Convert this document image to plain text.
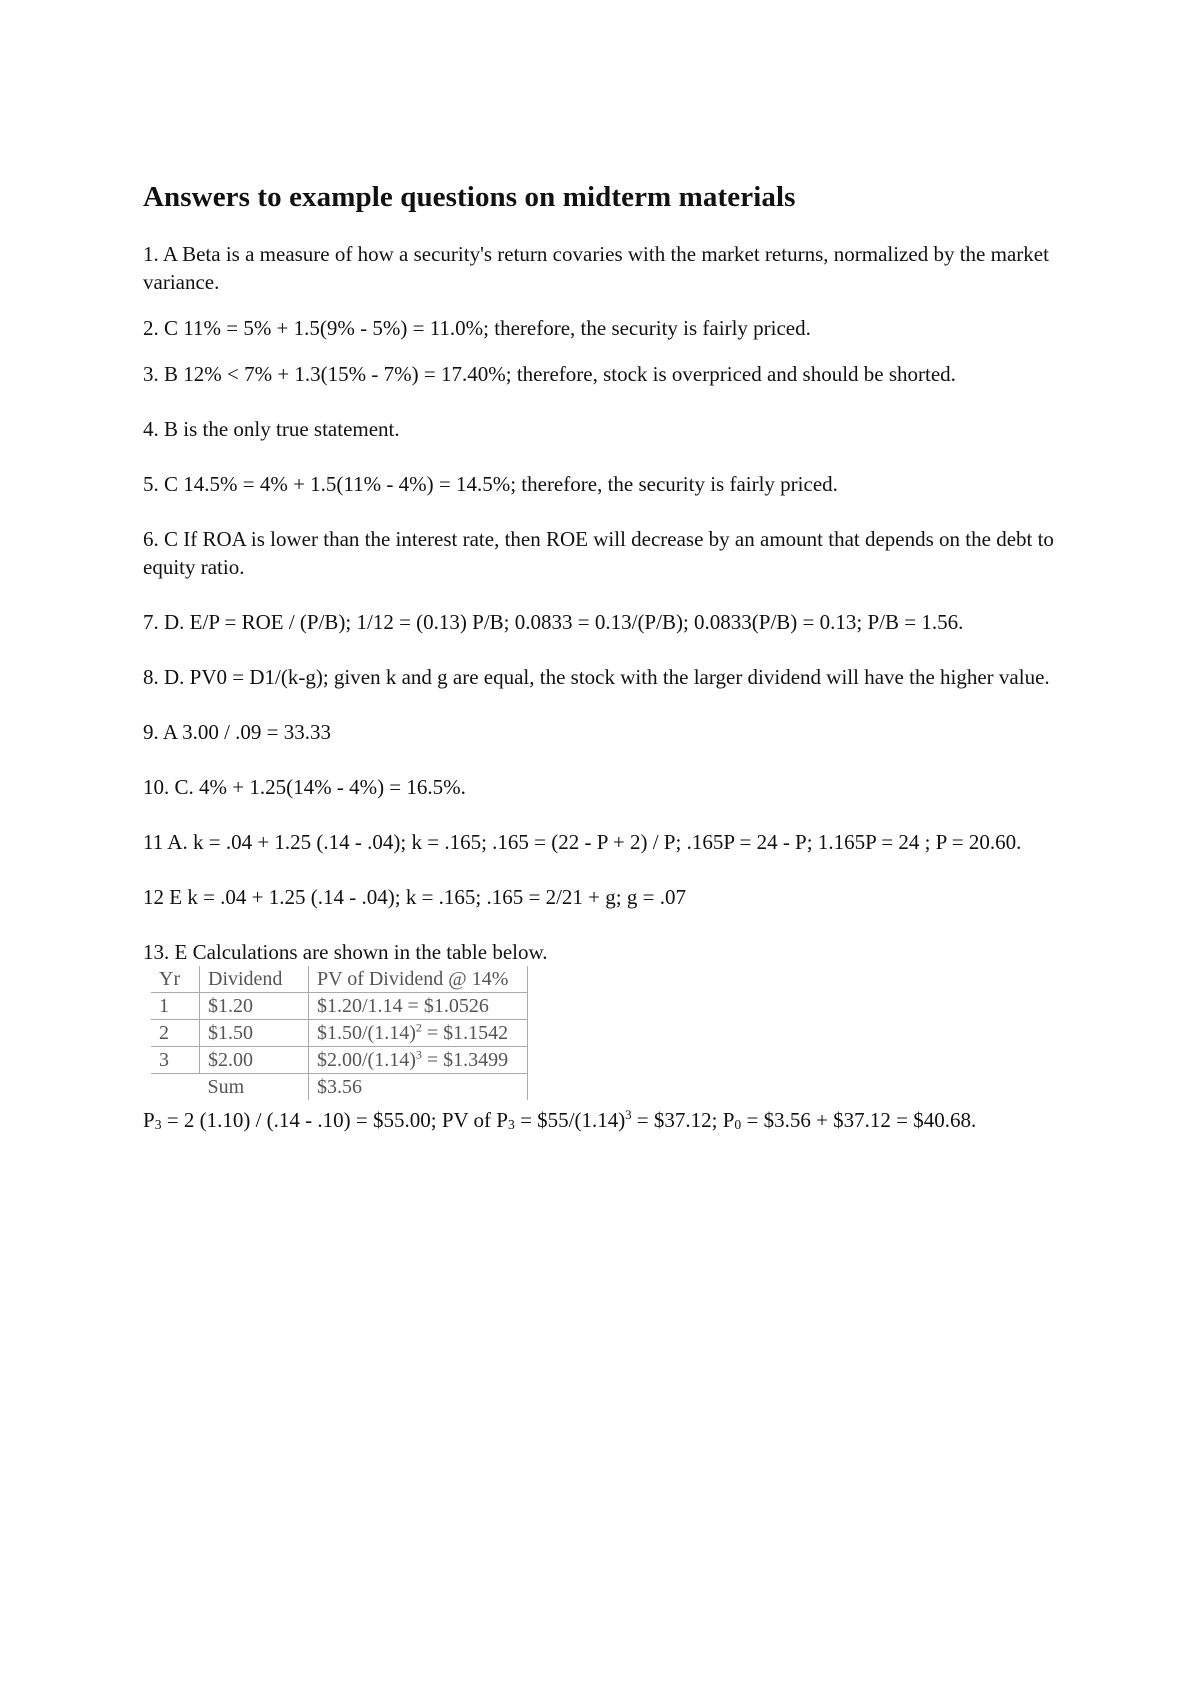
Answers to example questions on midterm materials

1. A Beta is a measure of how a security's return covaries with the market returns, normalized by the market variance.

2. C 11% = 5% + 1.5(9% - 5%) = 11.0%; therefore, the security is fairly priced.

3. B 12% < 7% + 1.3(15% - 7%) = 17.40%; therefore, stock is overpriced and should be shorted.

4. B is the only true statement.

5. C 14.5% = 4% + 1.5(11% - 4%) = 14.5%; therefore, the security is fairly priced.

6. C If ROA is lower than the interest rate, then ROE will decrease by an amount that depends on the debt to equity ratio.

7. D. E/P = ROE / (P/B); 1/12 = (0.13) P/B; 0.0833 = 0.13/(P/B); 0.0833(P/B) = 0.13; P/B = 1.56.

8. D. PV0 = D1/(k-g); given k and g are equal, the stock with the larger dividend will have the higher value.

9. A 3.00 / .09 = 33.33

10. C. 4% + 1.25(14% - 4%) = 16.5%.

11 A. k = .04 + 1.25 (.14 - .04); k = .165; .165 = (22 - P + 2) / P; .165P = 24 - P; 1.165P = 24 ; P = 20.60.

12 E k = .04 + 1.25 (.14 - .04); k = .165; .165 = 2/21 + g; g = .07

13. E Calculations are shown in the table below.

Yr	Dividend	PV of Dividend @ 14%
1	$1.20	$1.20/1.14 = $1.0526
2	$1.50	$\$1.50/(1.14)^2$ = $1.1542
3	$2.00	$\$2.00/(1.14)^3$ = $1.3499
	Sum	$3.56

$P_3 = 2$ (1.10) / (.14 - .10) = $55.00; PV of $P_3$ = $\$55/(1.14)^3$ = $37.12; $P_0$ = $3.56 + $37.12 = $40.68.
